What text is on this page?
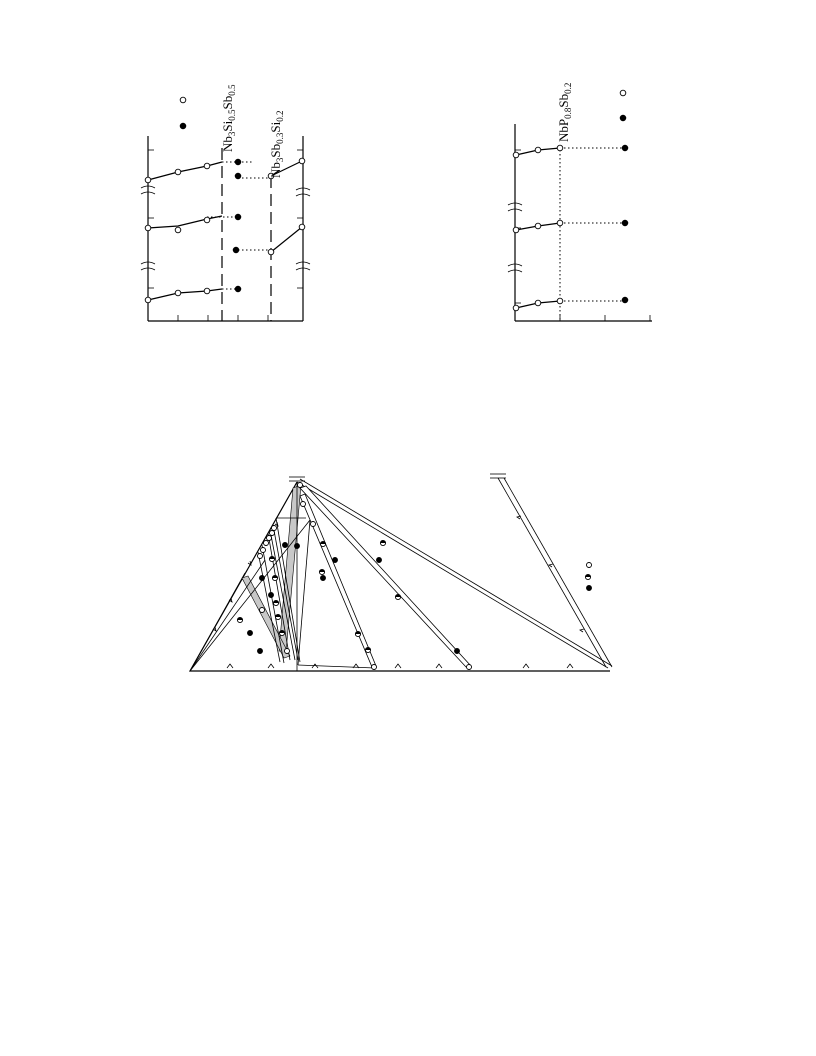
$Nb_3Si_{0.5}Sb_{0.5}$
$Nb_3Sb_{0.3}Si_{0.2}$
$NbP_{0.8}Sb_{0.2}$
